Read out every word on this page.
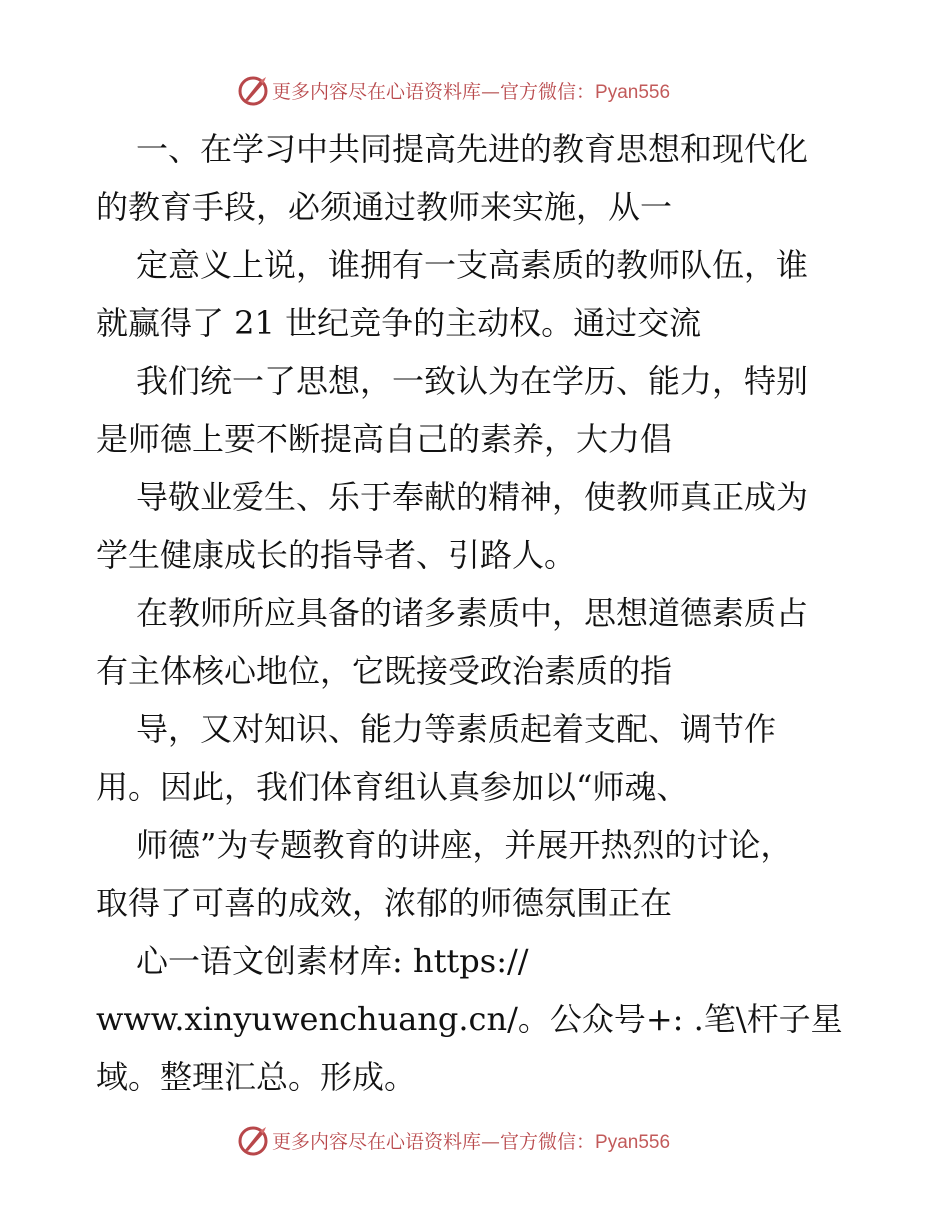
更多内容尽在心语资料库—官方微信：Pyan556
一、在学习中共同提高先进的教育思想和现代化
的教育手段，必须通过教师来实施，从一
定意义上说，谁拥有一支高素质的教师队伍，谁
就赢得了 21 世纪竞争的主动权。通过交流
我们统一了思想，一致认为在学历、能力，特别
是师德上要不断提高自己的素养，大力倡
导敬业爱生、乐于奉献的精神，使教师真正成为
学生健康成长的指导者、引路人。
在教师所应具备的诸多素质中，思想道德素质占
有主体核心地位，它既接受政治素质的指
导，又对知识、能力等素质起着支配、调节作
用。因此，我们体育组认真参加以“师魂、
师德”为专题教育的讲座，并展开热烈的讨论，
取得了可喜的成效，浓郁的师德氛围正在
心一语文创素材库: https://
www.xinyuwenchuang.cn/。公众号+: .笔\杆子星
域。整理汇总。形成。
更多内容尽在心语资料库—官方微信：Pyan556
